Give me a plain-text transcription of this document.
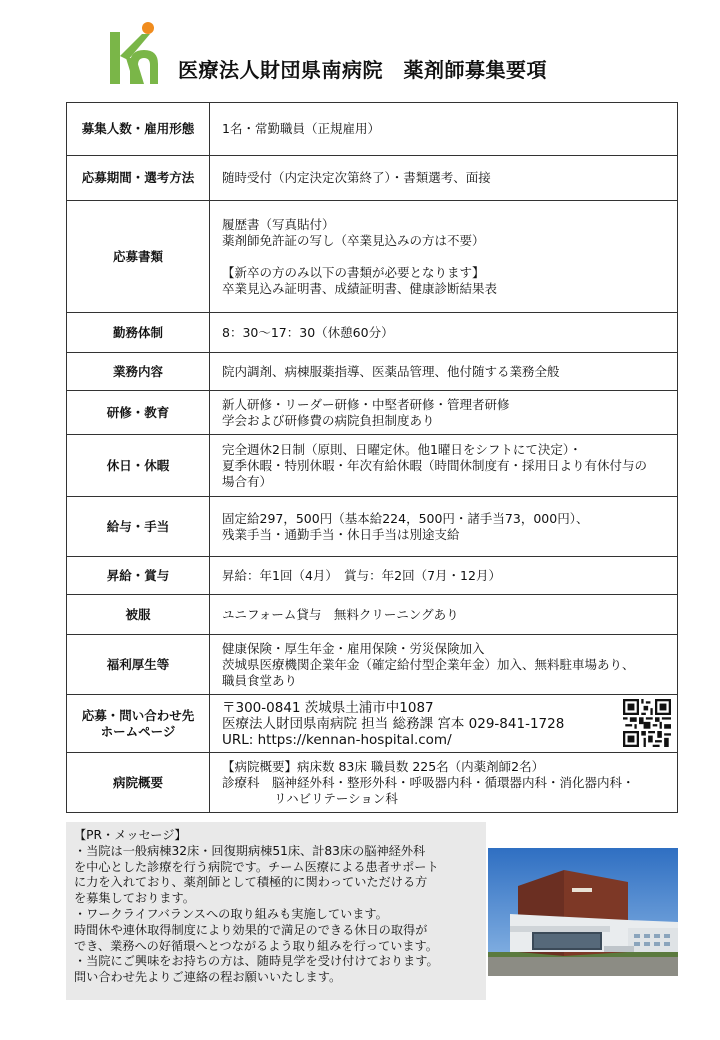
医療法人財団県南病院　薬剤師募集要項
募集人数・雇用形態	1名・常勤職員（正規雇用）

応募期間・選考方法	随時受付（内定決定次第終了）・書類選考、面接

応募書類	履歴書（写真貼付）
薬剤師免許証の写し（卒業見込みの方は不要）
【新卒の方のみ以下の書類が必要となります】
卒業見込み証明書、成績証明書、健康診断結果表

勤務体制	8：30～17：30（休憩60分）

業務内容	院内調剤、病棟服薬指導、医薬品管理、他付随する業務全般

研修・教育	新人研修・リーダー研修・中堅者研修・管理者研修
学会および研修費の病院負担制度あり

休日・休暇	完全週休2日制（原則、日曜定休。他1曜日をシフトにて決定）・
夏季休暇・特別休暇・年次有給休暇（時間休制度有・採用日より有休付与の
場合有）

給与・手当	固定給297，500円（基本給224，500円・諸手当73，000円）、
残業手当・通勤手当・休日手当は別途支給

昇給・賞与	昇給：年1回（4月）　賞与：年2回（7月・12月）

被服	ユニフォーム貸与　無料クリーニングあり

福利厚生等	健康保険・厚生年金・雇用保険・労災保険加入
茨城県医療機関企業年金（確定給付型企業年金）加入、無料駐車場あり、
職員食堂あり

応募・問い合わせ先
ホームページ	〒300-0841 茨城県土浦市中1087
医療法人財団県南病院 担当 総務課 宮本 029-841-1728
URL: https://kennan-hospital.com/

病院概要	【病院概要】病床数 83床 職員数 225名（内薬剤師2名）
診療科　脳神経外科・整形外科・呼吸器内科・循環器内科・消化器内科・
リハビリテーション科
【PR・メッセージ】
・当院は一般病棟32床・回復期病棟51床、計83床の脳神経外科
を中心とした診療を行う病院です。チーム医療による患者サポート
に力を入れており、薬剤師として積極的に関わっていただける方
を募集しております。
・ワークライフバランスへの取り組みも実施しています。
時間休や連休取得制度により効果的で満足のできる休日の取得が
でき、業務への好循環へとつながるよう取り組みを行っています。
・当院にご興味をお持ちの方は、随時見学を受け付けております。
問い合わせ先よりご連絡の程お願いいたします。
